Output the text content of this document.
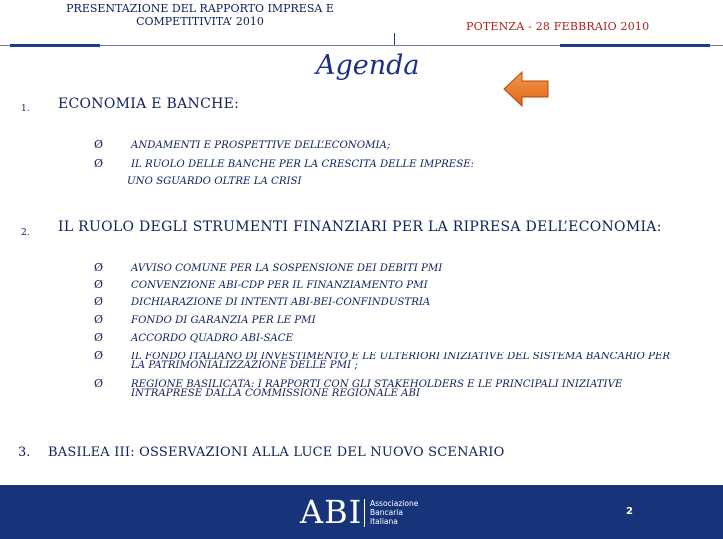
PRESENTAZIONE DEL RAPPORTO IMPRESA E
COMPETITIVITA’ 2010	POTENZA - 28 FEBBRAIO 2010
Agenda
1. ECONOMIA E BANCHE:
Ø	ANDAMENTI E PROSPETTIVE DELL’ECONOMIA;
Ø	IL RUOLO DELLE BANCHE PER LA CRESCITA DELLE IMPRESE:
UNO SGUARDO OLTRE LA CRISI
2. IL RUOLO DEGLI STRUMENTI FINANZIARI PER LA RIPRESA DELL’ECONOMIA:
Ø	AVVISO COMUNE PER LA SOSPENSIONE DEI DEBITI PMI
Ø	CONVENZIONE ABI-CDP PER IL FINANZIAMENTO PMI
Ø	DICHIARAZIONE DI INTENTI ABI-BEI-CONFINDUSTRIA
Ø	FONDO DI GARANZIA PER LE PMI
Ø	ACCORDO QUADRO ABI-SACE
Ø	IL FONDO ITALIANO DI INVESTIMENTO E LE ULTERIORI INIZIATIVE DEL SISTEMA BANCARIO PER
LA PATRIMONIALIZZAZIONE DELLE PMI ;
Ø	REGIONE BASILICATA: I RAPPORTI CON GLI STAKEHOLDERS E LE PRINCIPALI INIZIATIVE
INTRAPRESE DALLA COMMISSIONE REGIONALE ABI
3. BASILEA III: OSSERVAZIONI ALLA LUCE DEL NUOVO SCENARIO
ABI Associazione
Bancaria
Italiana
2
